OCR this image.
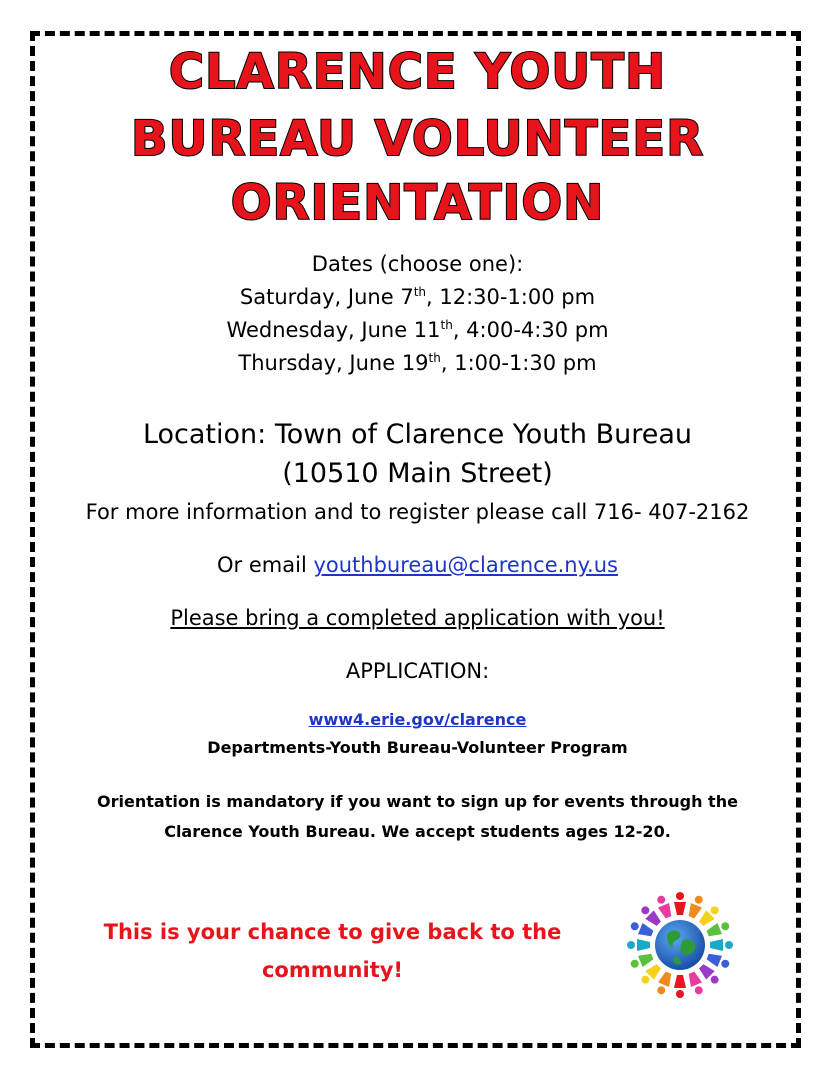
CLARENCE YOUTH
BUREAU VOLUNTEER
ORIENTATION
Dates (choose one):
Saturday, June 7th, 12:30-1:00 pm
Wednesday, June 11th, 4:00-4:30 pm
Thursday, June 19th, 1:00-1:30 pm
Location: Town of Clarence Youth Bureau
(10510 Main Street)
For more information and to register please call 716- 407-2162
Or email youthbureau@clarence.ny.us
Please bring a completed application with you!
APPLICATION:
www4.erie.gov/clarence
Departments-Youth Bureau-Volunteer Program
Orientation is mandatory if you want to sign up for events through the
Clarence Youth Bureau. We accept students ages 12-20.
This is your chance to give back to the
community!
